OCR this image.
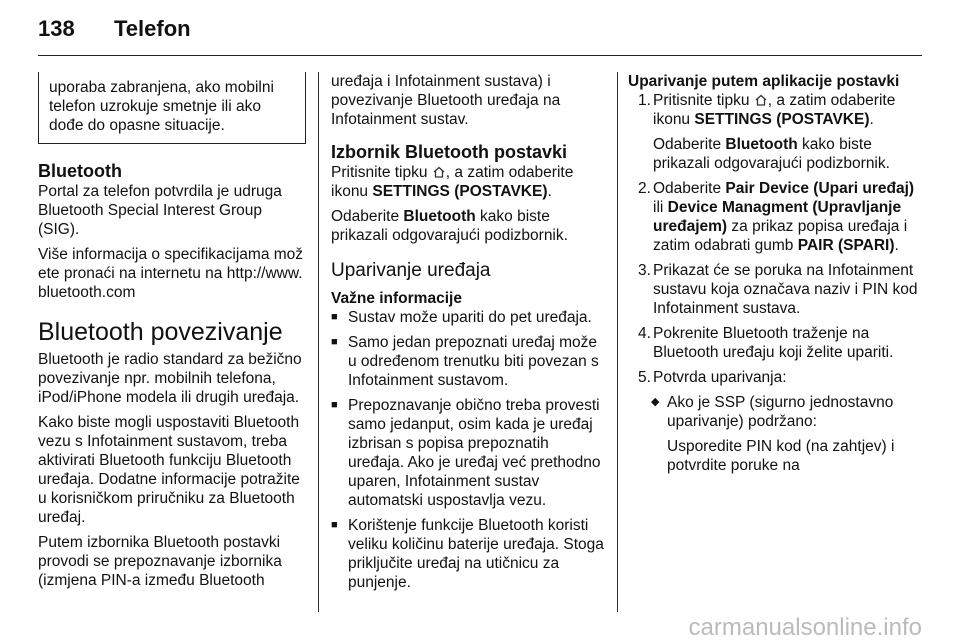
138 Telefon
uporaba zabranjena, ako mobilni telefon uzrokuje smetnje ili ako dođe do opasne situacije.
Bluetooth

Portal za telefon potvrdila je udruga Bluetooth Special Interest Group (SIG).

Više informacija o specifikacijama možete pronaći na internetu na http://www.bluetooth.com

Bluetooth povezivanje

Bluetooth je radio standard za bežično povezivanje npr. mobilnih telefona, iPod/iPhone modela ili drugih uređaja.

Kako biste mogli uspostaviti Bluetooth vezu s Infotainment sustavom, treba aktivirati Bluetooth funkciju Bluetooth uređaja. Dodatne informacije potražite u korisničkom priručniku za Bluetooth uređaj.

Putem izbornika Bluetooth postavki provodi se prepoznavanje izbornika (izmjena PIN-a između Bluetooth

uređaja i Infotainment sustava) i povezivanje Bluetooth uređaja na Infotainment sustav.

Izbornik Bluetooth postavki

Pritisnite tipku , a zatim odaberite ikonu SETTINGS (POSTAVKE).

Odaberite Bluetooth kako biste prikazali odgovarajući podizbornik.

Uparivanje uređaja
Važne informacije
■ Sustav može upariti do pet uređaja.
■ Samo jedan prepoznati uređaj može u određenom trenutku biti povezan s Infotainment sustavom.
■ Prepoznavanje obično treba provesti samo jedanput, osim kada je uređaj izbrisan s popisa prepoznatih uređaja. Ako je uređaj već prethodno uparen, Infotainment sustav automatski uspostavlja vezu.
■ Korištenje funkcije Bluetooth koristi veliku količinu baterije uređaja. Stoga priključite uređaj na utičnicu za punjenje.
Uparivanje putem aplikacije postavki
1. Pritisnite tipku , a zatim odaberite ikonu SETTINGS (POSTAVKE).

Odaberite Bluetooth kako biste prikazali odgovarajući podizbornik.

2. Odaberite Pair Device (Upari uređaj) ili Device Managment (Upravljanje uređajem) za prikaz popisa uređaja i zatim odabrati gumb PAIR (SPARI).
3. Prikazat će se poruka na Infotainment sustavu koja označava naziv i PIN kod Infotainment sustava.
4. Pokrenite Bluetooth traženje na Bluetooth uređaju koji želite upariti.
5. Potvrda uparivanja:
◆ Ako je SSP (sigurno jednostavno uparivanje) podržano:

Usporedite PIN kod (na zahtjev) i potvrdite poruke na

carmanualsonline.info
